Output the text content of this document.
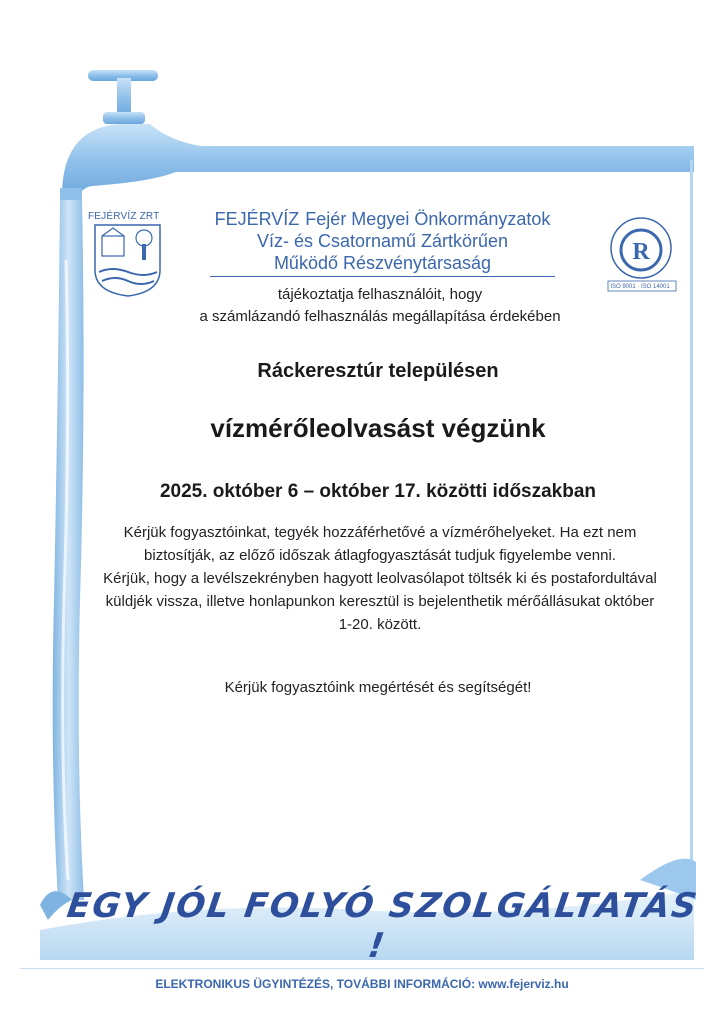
R
FEJÉRVÍZ ZRT	FEJÉRVÍZ Fejér Megyei Önkormányzatok
Víz- és Csatornamű Zártkörűen
Működő Részvénytársaság
ISO 9001 · ISO 14001
tájékoztatja felhasználóit, hogy
a számlázandó felhasználás megállapítása érdekében
Ráckeresztúr településen
vízmérőleolvasást végzünk
2025. október 6 – október 17. közötti időszakban

Kérjük fogyasztóinkat, tegyék hozzáférhetővé a vízmérőhelyeket. Ha ezt nem biztosítják, az előző időszak átlagfogyasztását tudjuk figyelembe venni.

Kérjük, hogy a levélszekrényben hagyott leolvasólapot töltsék ki és postafordultával küldjék vissza, illetve honlapunkon keresztül is bejelenthetik mérőállásukat október 1-20. között.

Kérjük fogyasztóink megértését és segítségét!
EGY JÓL FOLYÓ SZOLGÁLTATÁS !
ELEKTRONIKUS ÜGYINTÉZÉS, TOVÁBBI INFORMÁCIÓ: www.fejerviz.hu
